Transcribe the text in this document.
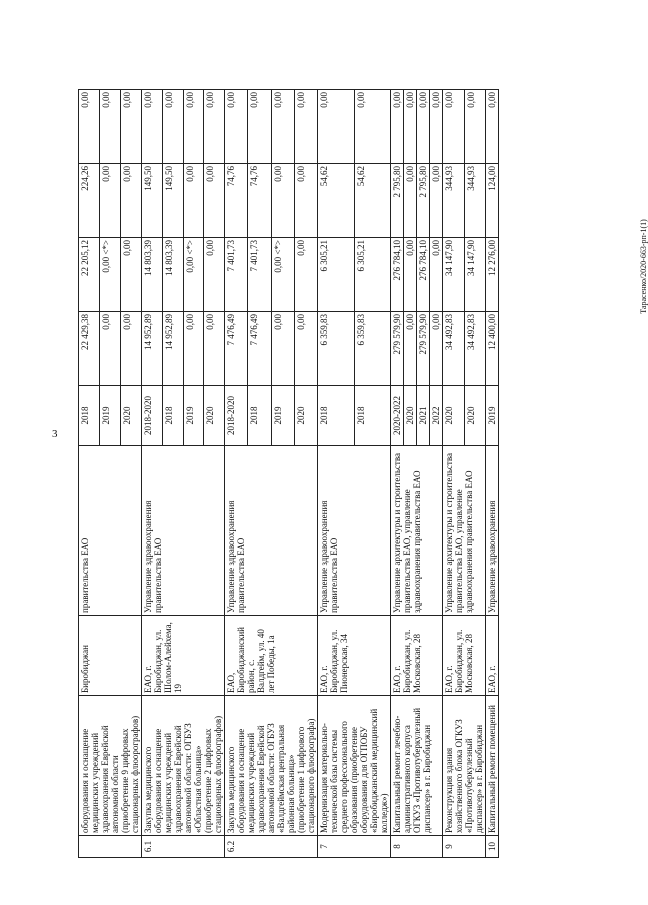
3
Тарасенко/2020-663-рп-1(1)
	оборудования и оснащение медицинских учреждений здравоохранения Еврейской автономной области (приобретение 9 цифровых стационарных флюорографов)	Биробиджан	правительства ЕАО	2018	22 429,38	22 205,12	224,26	0,00
				2019	0,00	0,00 <*>	0,00	0,00
				2020	0,00	0,00	0,00	0,00
6.1	Закупка медицинского оборудования и оснащение медицинских учреждений здравоохранения Еврейской автономной области: ОГБУЗ «Областная больница» (приобретение 2 цифровых стационарных флюорографов)	ЕАО, г. Биробиджан, ул. Шолом-Алейхема, 19	Управление здравоохранения правительства ЕАО	2018-2020	14 952,89	14 803,39	149,50	0,00
				2018	14 952,89	14 803,39	149,50	0,00
				2019	0,00	0,00 <*>	0,00	0,00
				2020	0,00	0,00	0,00	0,00
6.2	Закупка медицинского оборудования и оснащение медицинских учреждений здравоохранения Еврейской автономной области: ОГБУЗ «Валдгеймская центральная районная больница» (приобретение 1 цифрового стационарного флюорографа)	ЕАО, Биробиджанский район, с. Валдгейм, ул. 40 лет Победы, 1а	Управление здравоохранения правительства ЕАО	2018-2020	7 476,49	7 401,73	74,76	0,00
				2018	7 476,49	7 401,73	74,76	0,00
				2019	0,00	0,00 <*>	0,00	0,00
				2020	0,00	0,00	0,00	0,00
7	Модернизация материально-технической базы системы среднего профессионального образования (приобретение оборудования для ОГПОБУ «Биробиджанский медицинский колледж»)	ЕАО, г. Биробиджан, ул. Пионерская, 34	Управление здравоохранения правительства ЕАО	2018	6 359,83	6 305,21	54,62	0,00
				2018	6 359,83	6 305,21	54,62	0,00
8	Капитальный ремонт лечебно-административного корпуса ОГКУЗ «Противотуберкулезный диспансер» в г. Биробиджан	ЕАО, г. Биробиджан, ул. Московская, 28	Управление архитектуры и строительства правительства ЕАО, управление здравоохранения правительства ЕАО	2020-2022	279 579,90	276 784,10	2 795,80	0,00
				2020	0,00	0,00	0,00	0,00
				2021	279 579,90	276 784,10	2 795,80	0,00
				2022	0,00	0,00	0,00	0,00
9	Реконструкция здания хозяйственного блока ОГКУЗ «Противотуберкулезный диспансер» в г. Биробиджан	ЕАО, г. Биробиджан, ул. Московская, 28	Управление архитектуры и строительства правительства ЕАО, управление здравоохранения правительства ЕАО	2020	34 492,83	34 147,90	344,93	0,00
				2020	34 492,83	34 147,90	344,93	0,00
10	Капитальный ремонт помещений	ЕАО, г.	Управление здравоохранения	2019	12 400,00	12 276,00	124,00	0,00
